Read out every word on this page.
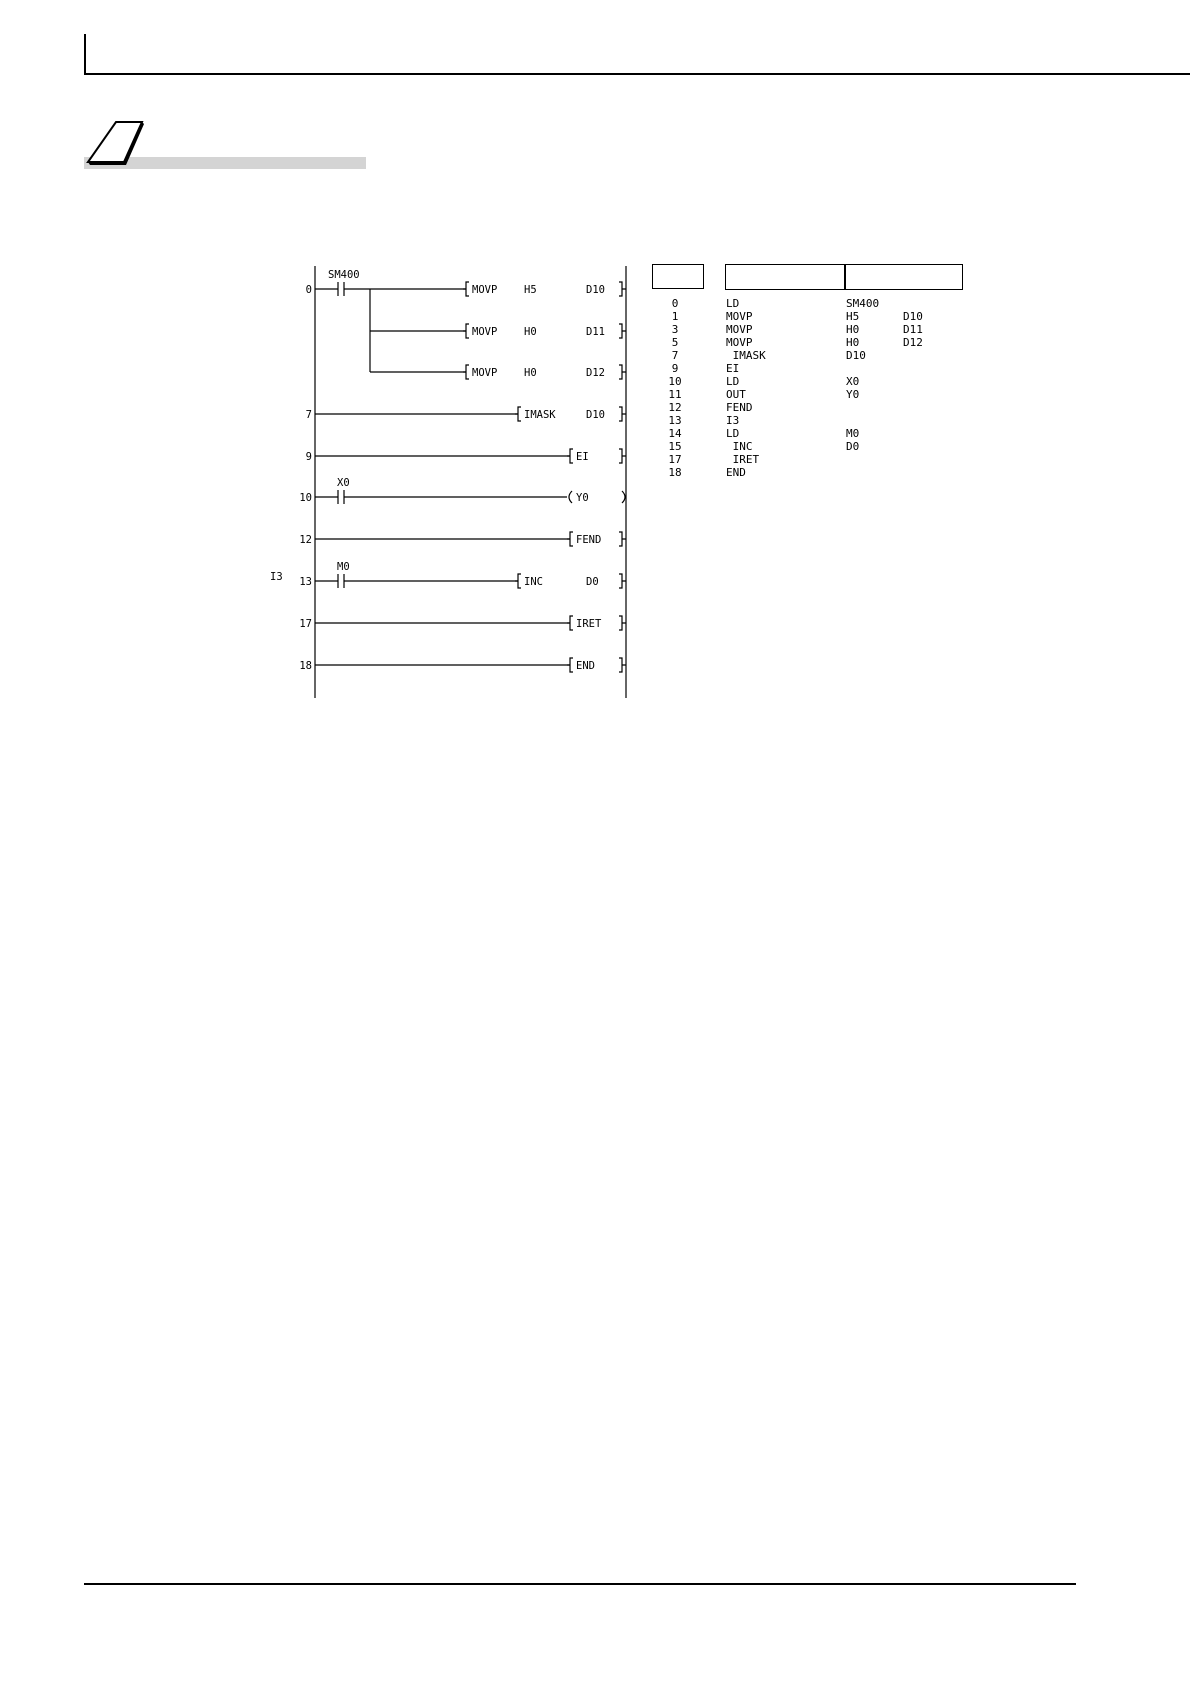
0
7
9
10
12
13
17
18
I3
SM400
X0
M0
MOVP	H5	D10
MOVP	H0	D11
MOVP	H0	D12
IMASK	D10
EI
Y0
FEND
INC	D0
IRET
END
0	LD	SM400
1	MOVP	H5	D10
3	MOVP	H0	D11
5	MOVP	H0	D12
7	IMASK	D10
9	EI
10	LD	X0
11	OUT	Y0
12	FEND
13	I3
14	LD	M0
15	INC	D0
17	IRET
18	END
